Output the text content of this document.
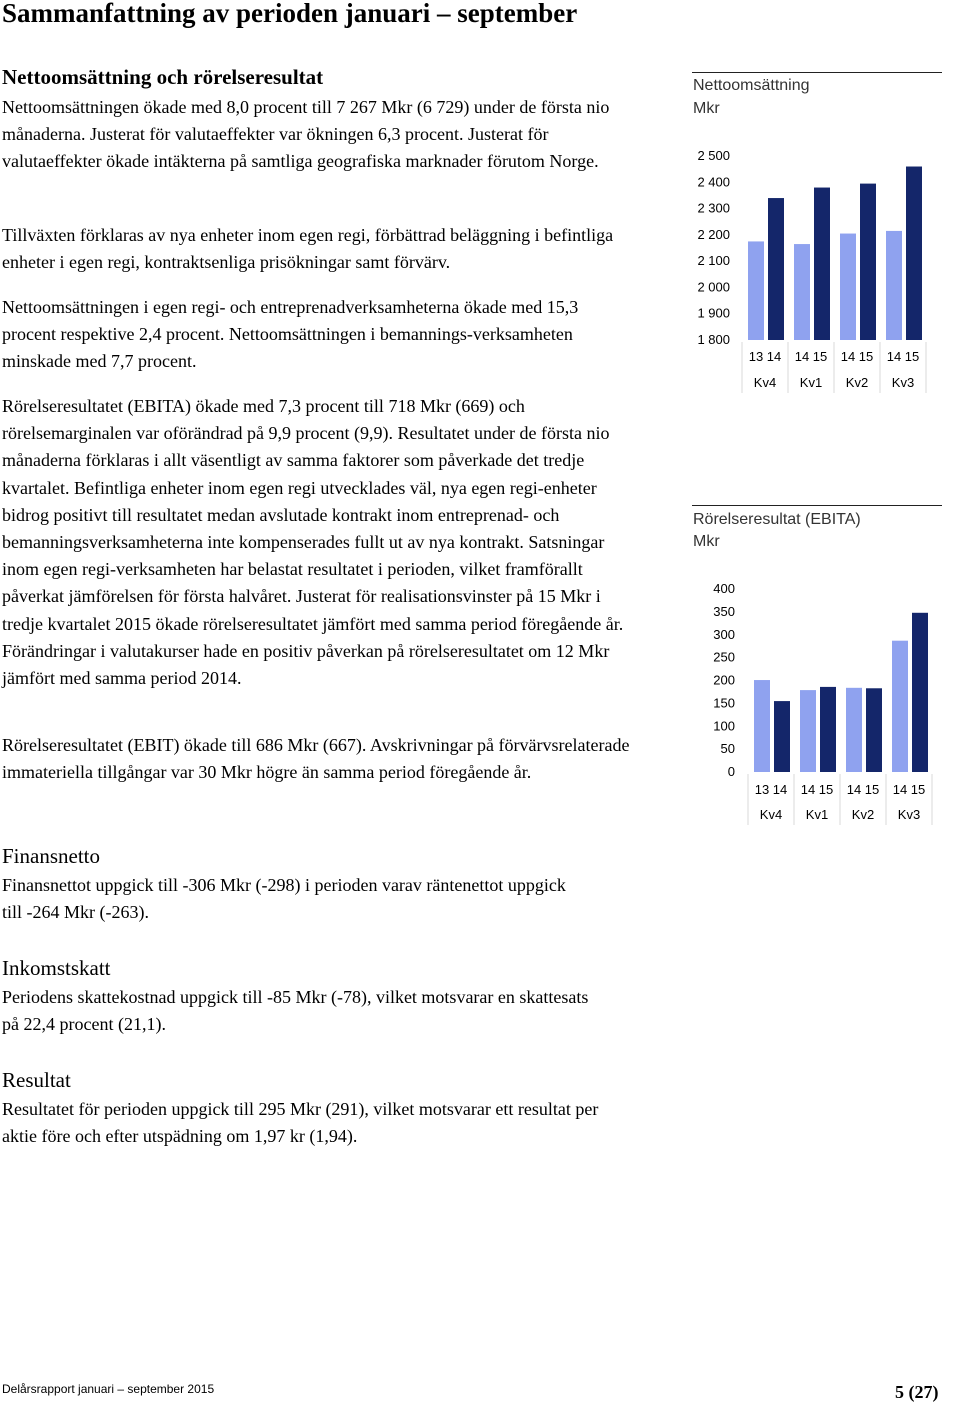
Sammanfattning av perioden januari – september
Nettoomsättning och rörelseresultat

Nettoomsättningen ökade med 8,0 procent till 7 267 Mkr (6 729) under de första nio månaderna. Justerat för valutaeffekter var ökningen 6,3 procent. Justerat för valutaeffekter ökade intäkterna på samtliga geografiska marknader förutom Norge.

Tillväxten förklaras av nya enheter inom egen regi, förbättrad beläggning i befintliga enheter i egen regi, kontraktsenliga prisökningar samt förvärv.

Nettoomsättningen i egen regi- och entreprenadverksamheterna ökade med 15,3 procent respektive 2,4 procent. Nettoomsättningen i bemannings-verksamheten minskade med 7,7 procent.

Rörelseresultatet (EBITA) ökade med 7,3 procent till 718 Mkr (669) och rörelsemarginalen var oförändrad på 9,9 procent (9,9). Resultatet under de första nio månaderna förklaras i allt väsentligt av samma faktorer som påverkade det tredje kvartalet. Befintliga enheter inom egen regi utvecklades väl, nya egen regi-enheter bidrog positivt till resultatet medan avslutade kontrakt inom entreprenad- och bemanningsverksamheterna inte kompenserades fullt ut av nya kontrakt. Satsningar inom egen regi-verksamheten har belastat resultatet i perioden, vilket framförallt påverkat jämförelsen för första halvåret. Justerat för realisationsvinster på 15 Mkr i tredje kvartalet 2015 ökade rörelseresultatet jämfört med samma period föregående år. Förändringar i valutakurser hade en positiv påverkan på rörelseresultatet om 12 Mkr jämfört med samma period 2014.

Rörelseresultatet (EBIT) ökade till 686 Mkr (667). Avskrivningar på förvärvsrelaterade immateriella tillgångar var 30 Mkr högre än samma period föregående år.

Finansnetto

Finansnettot uppgick till -306 Mkr (-298) i perioden varav räntenettot uppgick till -264 Mkr (-263).

Inkomstskatt

Periodens skattekostnad uppgick till -85 Mkr (-78), vilket motsvarar en skattesats på 22,4 procent (21,1).

Resultat

Resultatet för perioden uppgick till 295 Mkr (291), vilket motsvarar ett resultat per aktie före och efter utspädning om 1,97 kr (1,94).

Nettoomsättning
Mkr
2 500
2 400
2 300
2 200
2 100
2 000
1 900
1 800
13 14
Kv4
14 15
Kv1
14 15
Kv2
14 15
Kv3
Rörelseresultat (EBITA)
Mkr
400
350
300
250
200
150
100
50
0
13 14
Kv4
14 15
Kv1
14 15
Kv2
14 15
Kv3
Delårsrapport januari – september 2015	5 (27)
